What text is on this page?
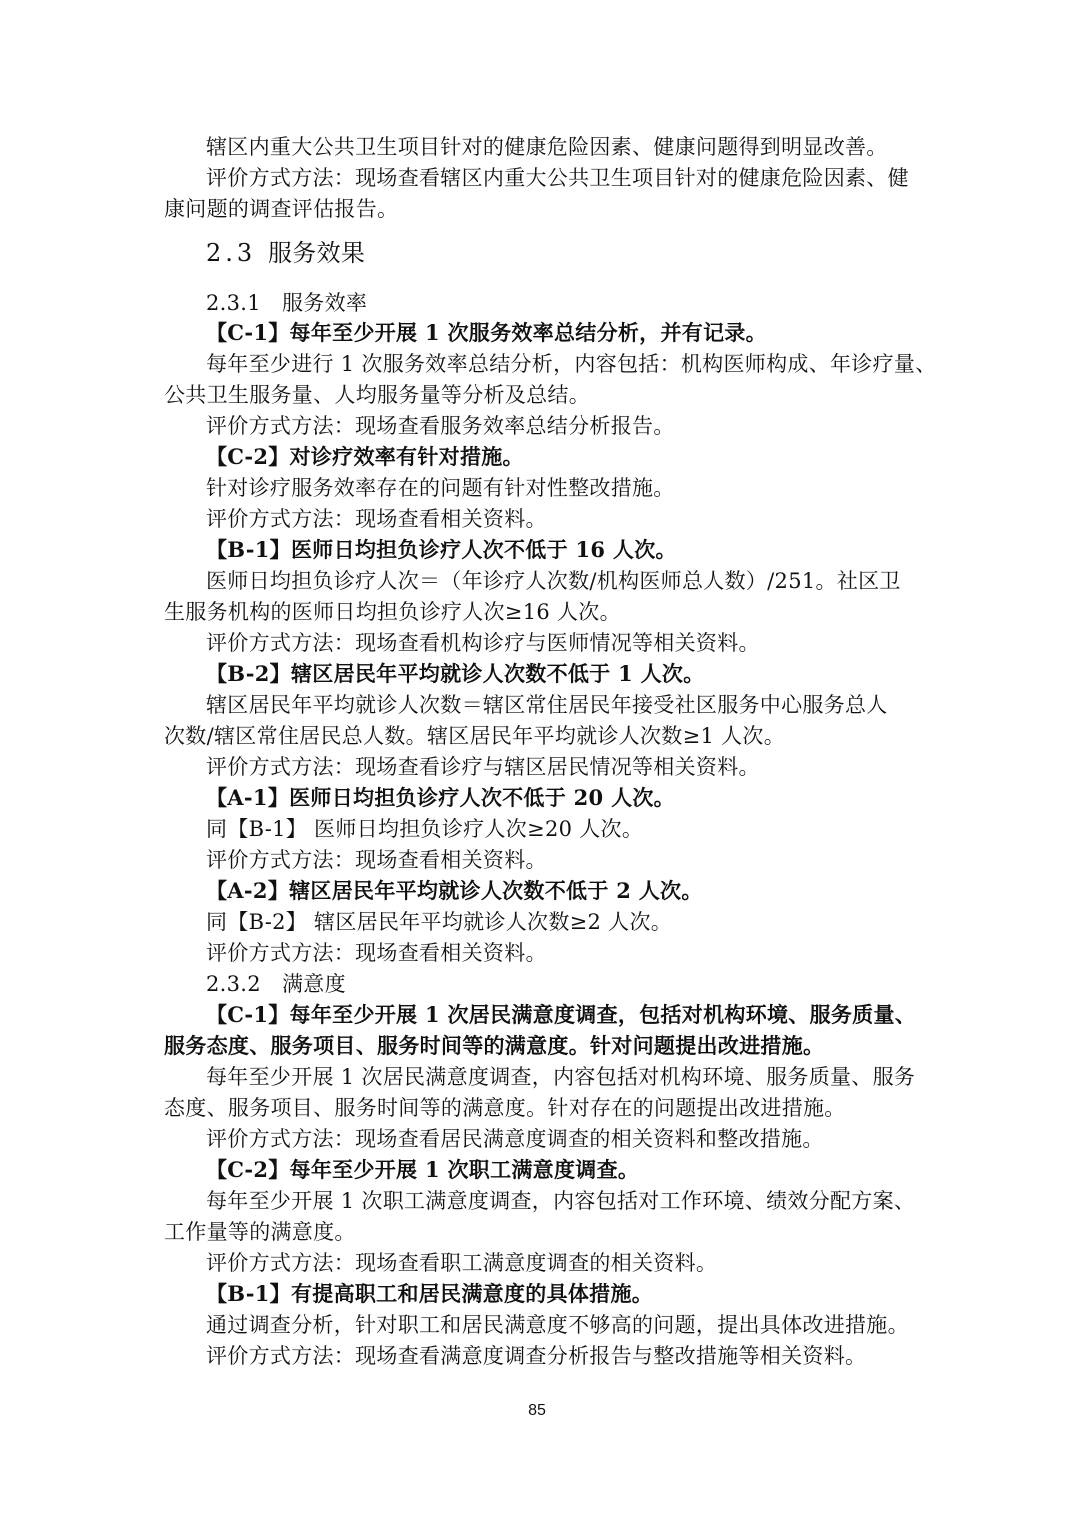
辖区内重大公共卫生项目针对的健康危险因素、健康问题得到明显改善。
评价方式方法：现场查看辖区内重大公共卫生项目针对的健康危险因素、健
康问题的调查评估报告。
2.3 服务效果
2.3.1 服务效率
【C-1】每年至少开展 1 次服务效率总结分析，并有记录。
每年至少进行 1 次服务效率总结分析，内容包括：机构医师构成、年诊疗量、
公共卫生服务量、人均服务量等分析及总结。
评价方式方法：现场查看服务效率总结分析报告。
【C-2】对诊疗效率有针对措施。
针对诊疗服务效率存在的问题有针对性整改措施。
评价方式方法：现场查看相关资料。
【B-1】医师日均担负诊疗人次不低于 16 人次。
医师日均担负诊疗人次＝（年诊疗人次数/机构医师总人数）/251。社区卫
生服务机构的医师日均担负诊疗人次≥16 人次。
评价方式方法：现场查看机构诊疗与医师情况等相关资料。
【B-2】辖区居民年平均就诊人次数不低于 1 人次。
辖区居民年平均就诊人次数＝辖区常住居民年接受社区服务中心服务总人
次数/辖区常住居民总人数。辖区居民年平均就诊人次数≥1 人次。
评价方式方法：现场查看诊疗与辖区居民情况等相关资料。
【A-1】医师日均担负诊疗人次不低于 20 人次。
同【B-1】 医师日均担负诊疗人次≥20 人次。
评价方式方法：现场查看相关资料。
【A-2】辖区居民年平均就诊人次数不低于 2 人次。
同【B-2】 辖区居民年平均就诊人次数≥2 人次。
评价方式方法：现场查看相关资料。
2.3.2 满意度
【C-1】每年至少开展 1 次居民满意度调查，包括对机构环境、服务质量、
服务态度、服务项目、服务时间等的满意度。针对问题提出改进措施。
每年至少开展 1 次居民满意度调查，内容包括对机构环境、服务质量、服务
态度、服务项目、服务时间等的满意度。针对存在的问题提出改进措施。
评价方式方法：现场查看居民满意度调查的相关资料和整改措施。
【C-2】每年至少开展 1 次职工满意度调查。
每年至少开展 1 次职工满意度调查，内容包括对工作环境、绩效分配方案、
工作量等的满意度。
评价方式方法：现场查看职工满意度调查的相关资料。
【B-1】有提高职工和居民满意度的具体措施。
通过调查分析，针对职工和居民满意度不够高的问题，提出具体改进措施。
评价方式方法：现场查看满意度调查分析报告与整改措施等相关资料。
85
